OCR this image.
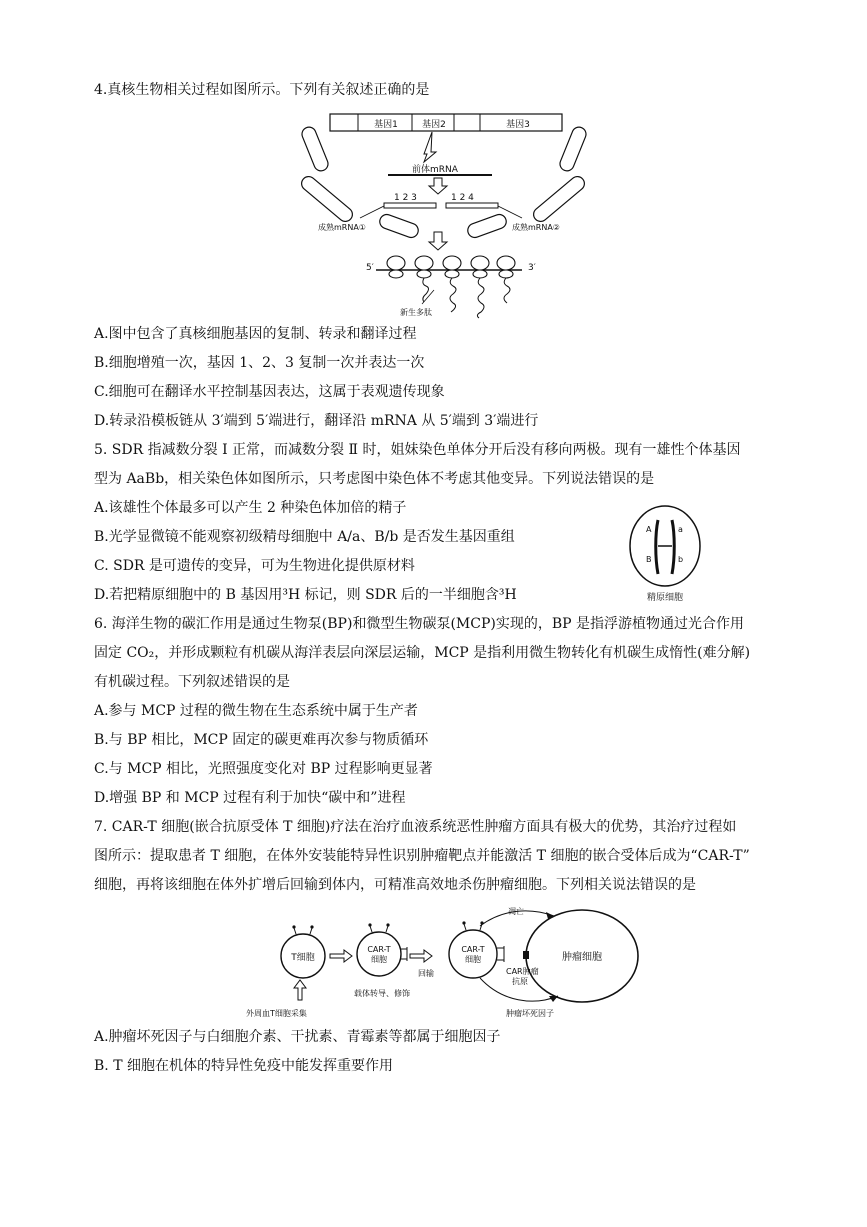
4.真核生物相关过程如图所示。下列有关叙述正确的是
基因1	基因2	基因3
前体mRNA
1 2 3	1 2 4
成熟mRNA①	成熟mRNA②
5′	3′
新生多肽
A.图中包含了真核细胞基因的复制、转录和翻译过程
B.细胞增殖一次，基因 1、2、3 复制一次并表达一次
C.细胞可在翻译水平控制基因表达，这属于表观遗传现象
D.转录沿模板链从 3′端到 5′端进行，翻译沿 mRNA 从 5′端到 3′端进行
5. SDR 指减数分裂 Ⅰ 正常，而减数分裂 Ⅱ 时，姐妹染色单体分开后没有移向两极。现有一雄性个体基因
型为 AaBb，相关染色体如图所示，只考虑图中染色体不考虑其他变异。下列说法错误的是
A.该雄性个体最多可以产生 2 种染色体加倍的精子
B.光学显微镜不能观察初级精母细胞中 A/a、B/b 是否发生基因重组
C. SDR 是可遗传的变异，可为生物进化提供原材料
D.若把精原细胞中的 B 基因用³H 标记，则 SDR 后的一半细胞含³H
A	a
B	b
精原细胞
6. 海洋生物的碳汇作用是通过生物泵(BP)和微型生物碳泵(MCP)实现的，BP 是指浮游植物通过光合作用
固定 CO₂，并形成颗粒有机碳从海洋表层向深层运输，MCP 是指利用微生物转化有机碳生成惰性(难分解)
有机碳过程。下列叙述错误的是
A.参与 MCP 过程的微生物在生态系统中属于生产者
B.与 BP 相比，MCP 固定的碳更难再次参与物质循环
C.与 MCP 相比，光照强度变化对 BP 过程影响更显著
D.增强 BP 和 MCP 过程有利于加快“碳中和”进程
7. CAR-T 细胞(嵌合抗原受体 T 细胞)疗法在治疗血液系统恶性肿瘤方面具有极大的优势，其治疗过程如
图所示：提取患者 T 细胞，在体外安装能特异性识别肿瘤靶点并能激活 T 细胞的嵌合受体后成为“CAR-T”
细胞，再将该细胞在体外扩增后回输到体内，可精准高效地杀伤肿瘤细胞。下列相关说法错误的是
T细胞
外周血T细胞采集
CAR-T
细胞
载体转导、修饰
回输
CAR-T
细胞	肿瘤细胞
凋亡
CAR肿瘤
抗原
肿瘤坏死因子
A.肿瘤坏死因子与白细胞介素、干扰素、青霉素等都属于细胞因子
B. T 细胞在机体的特异性免疫中能发挥重要作用
